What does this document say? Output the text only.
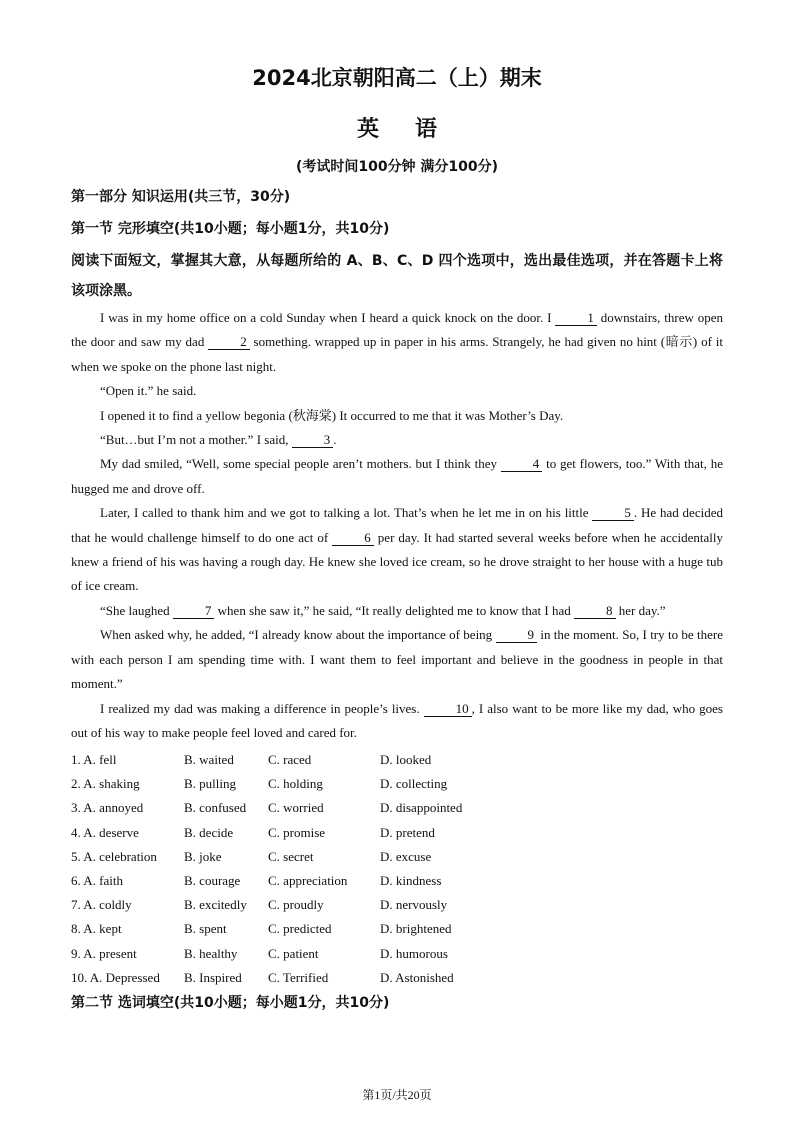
2024北京朝阳高二（上）期末
英语
(考试时间100分钟 满分100分)
第一部分 知识运用(共三节，30分)
第一节 完形填空(共10小题；每小题1分，共10分)
阅读下面短文，掌握其大意，从每题所给的 A、B、C、D 四个选项中，选出最佳选项，并在答题卡上将该项涂黑。

I was in my home office on a cold Sunday when I heard a quick knock on the door. I 1 downstairs, threw open the door and saw my dad 2 something. wrapped up in paper in his arms. Strangely, he had given no hint (暗示) of it when we spoke on the phone last night.

“Open it.” he said.

I opened it to find a yellow begonia (秋海棠) It occurred to me that it was Mother’s Day.

“But…but I’m not a mother.” I said, 3 .

My dad smiled, “Well, some special people aren’t mothers. but I think they 4 to get flowers, too.” With that, he hugged me and drove off.

Later, I called to thank him and we got to talking a lot. That’s when he let me in on his little 5 . He had decided that he would challenge himself to do one act of 6 per day. It had started several weeks before when he accidentally knew a friend of his was having a rough day. He knew she loved ice cream, so he drove straight to her house with a huge tub of ice cream.

“She laughed 7 when she saw it,” he said, “It really delighted me to know that I had 8 her day.”

When asked why, he added, “I already know about the importance of being 9 in the moment. So, I try to be there with each person I am spending time with. I want them to feel important and believe in the goodness in people in that moment.”

I realized my dad was making a difference in people’s lives. 10 , I also want to be more like my dad, who goes out of his way to make people feel loved and cared for.

1. A. fell	B. waited	C. raced	D. looked
2. A. shaking	B. pulling C. holding	D. collecting
3. A. annoyed	B. confused C. worried	D. disappointed
4. A. deserve	B. decide	C. promise	D. pretend
5. A. celebration B. joke	C. secret	D. excuse
6. A. faith	B. courage C. appreciation	D. kindness
7. A. coldly	B. excitedly C. proudly	D. nervously
8. A. kept	B. spent	C. predicted	D. brightened
9. A. present	B. healthy C. patient	D. humorous
10. A. Depressed B. Inspired C. Terrified	D. Astonished
第二节 选词填空(共10小题；每小题1分，共10分)
第1页/共20页
